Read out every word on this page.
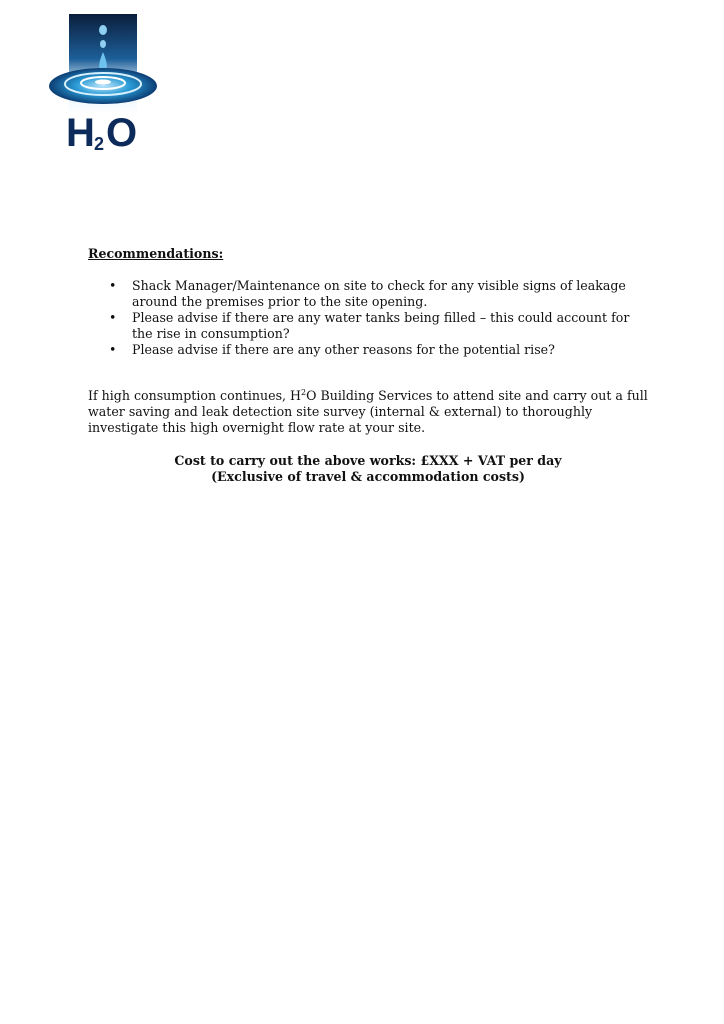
H 2 O
Recommendations:
• Shack Manager/Maintenance on site to check for any visible signs of leakage around the premises prior to the site opening.
• Please advise if there are any water tanks being filled – this could account for the rise in consumption?
• Please advise if there are any other reasons for the potential rise?

If high consumption continues, $H^2O$ Building Services to attend site and carry out a full water saving and leak detection site survey (internal & external) to thoroughly investigate this high overnight flow rate at your site.

Cost to carry out the above works: £XXX + VAT per day
(Exclusive of travel & accommodation costs)
